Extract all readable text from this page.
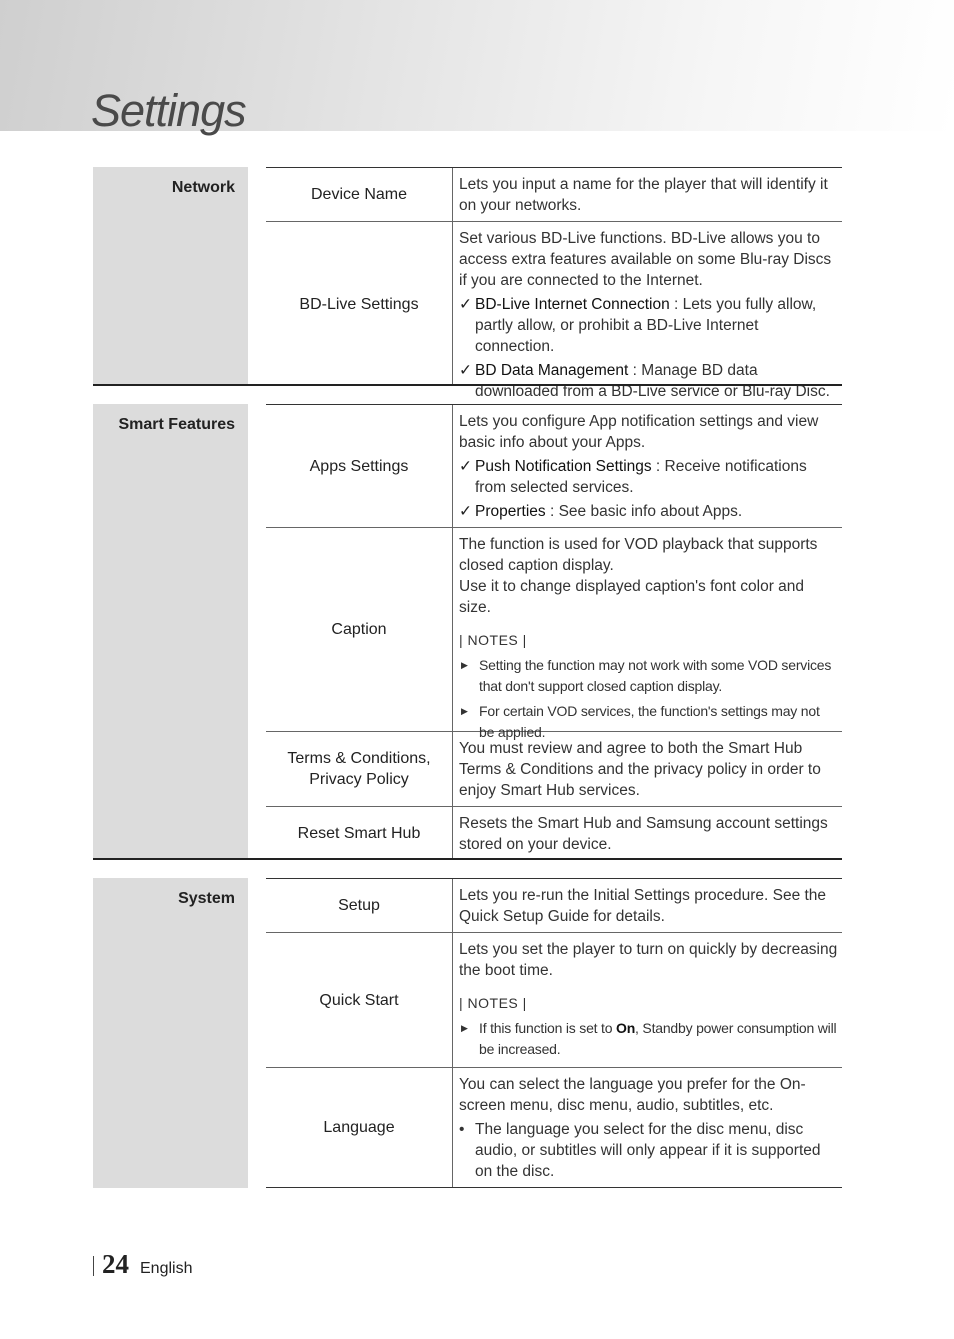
Settings
Network	Device Name

Lets you input a name for the player that will identify it on your networks.

BD-Live Settings

Set various BD-Live functions. BD-Live allows you to access extra features available on some Blu-ray Discs if you are connected to the Internet.

✓ BD-Live Internet Connection : Lets you fully allow, partly allow, or prohibit a BD-Live Internet connection.
✓ BD Data Management : Manage BD data downloaded from a BD-Live service or Blu-ray Disc.
Smart Features
Apps Settings

Lets you configure App notification settings and view basic info about your Apps.

✓ Push Notification Settings : Receive notifications from selected services.
✓ Properties : See basic info about Apps.
Caption

The function is used for VOD playback that supports closed caption display.

Use it to change displayed caption's font color and size.

| NOTES |
▶ Setting the function may not work with some VOD services that don't support closed caption display.
▶ For certain VOD services, the function's settings may not be applied.
Terms & Conditions,
Privacy Policy

You must review and agree to both the Smart Hub Terms & Conditions and the privacy policy in order to enjoy Smart Hub services.

Reset Smart Hub

Resets the Smart Hub and Samsung account settings stored on your device.

System	Setup

Lets you re-run the Initial Settings procedure. See the Quick Setup Guide for details.

Quick Start

Lets you set the player to turn on quickly by decreasing the boot time.

| NOTES |
▶ If this function is set to On, Standby power consumption will be increased.
Language

You can select the language you prefer for the On-screen menu, disc menu, audio, subtitles, etc.

• The language you select for the disc menu, disc audio, or subtitles will only appear if it is supported on the disc.
24 English
